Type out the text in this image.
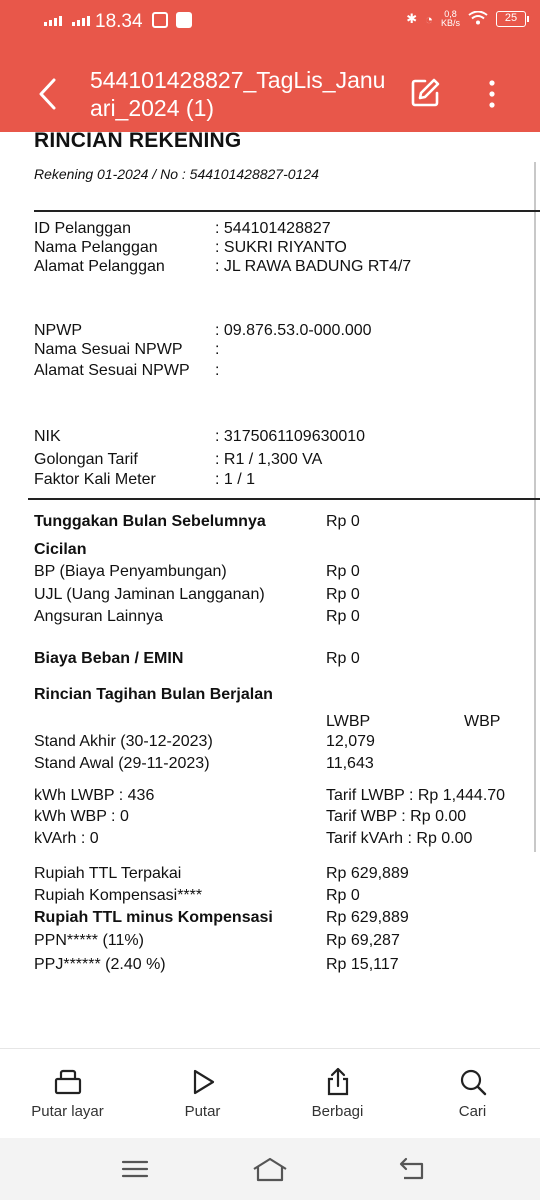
18.34	✱ ◔	0,8
KB/s	25
544101428827_TagLis_Januari_2024 (1)
RINCIAN REKENING
Rekening 01-2024 / No : 544101428827-0124
ID Pelanggan	: 544101428827
Nama Pelanggan	: SUKRI RIYANTO
Alamat Pelanggan	: JL RAWA BADUNG RT4/7
NPWP	: 09.876.53.0-000.000
Nama Sesuai NPWP :
Alamat Sesuai NPWP :
NIK	: 3175061109630010
Golongan Tarif	: R1 / 1,300 VA
Faktor Kali Meter	: 1 / 1
Tunggakan Bulan Sebelumnya	Rp 0
Cicilan
BP (Biaya Penyambungan)	Rp 0
UJL (Uang Jaminan Langganan)	Rp 0
Angsuran Lainnya	Rp 0
Biaya Beban / EMIN	Rp 0
Rincian Tagihan Bulan Berjalan
LWBP	WBP
Stand Akhir (30-12-2023)	12,079
Stand Awal (29-11-2023)	11,643
kWh LWBP : 436	Tarif LWBP : Rp 1,444.70
kWh WBP : 0	Tarif WBP : Rp 0.00
kVArh : 0	Tarif kVArh : Rp 0.00
Rupiah TTL Terpakai	Rp 629,889
Rupiah Kompensasi****	Rp 0
Rupiah TTL minus Kompensasi	Rp 629,889
PPN***** (11%)	Rp 69,287
PPJ****** (2.40 %)	Rp 15,117
Putar layar	Putar	Berbagi	Cari
